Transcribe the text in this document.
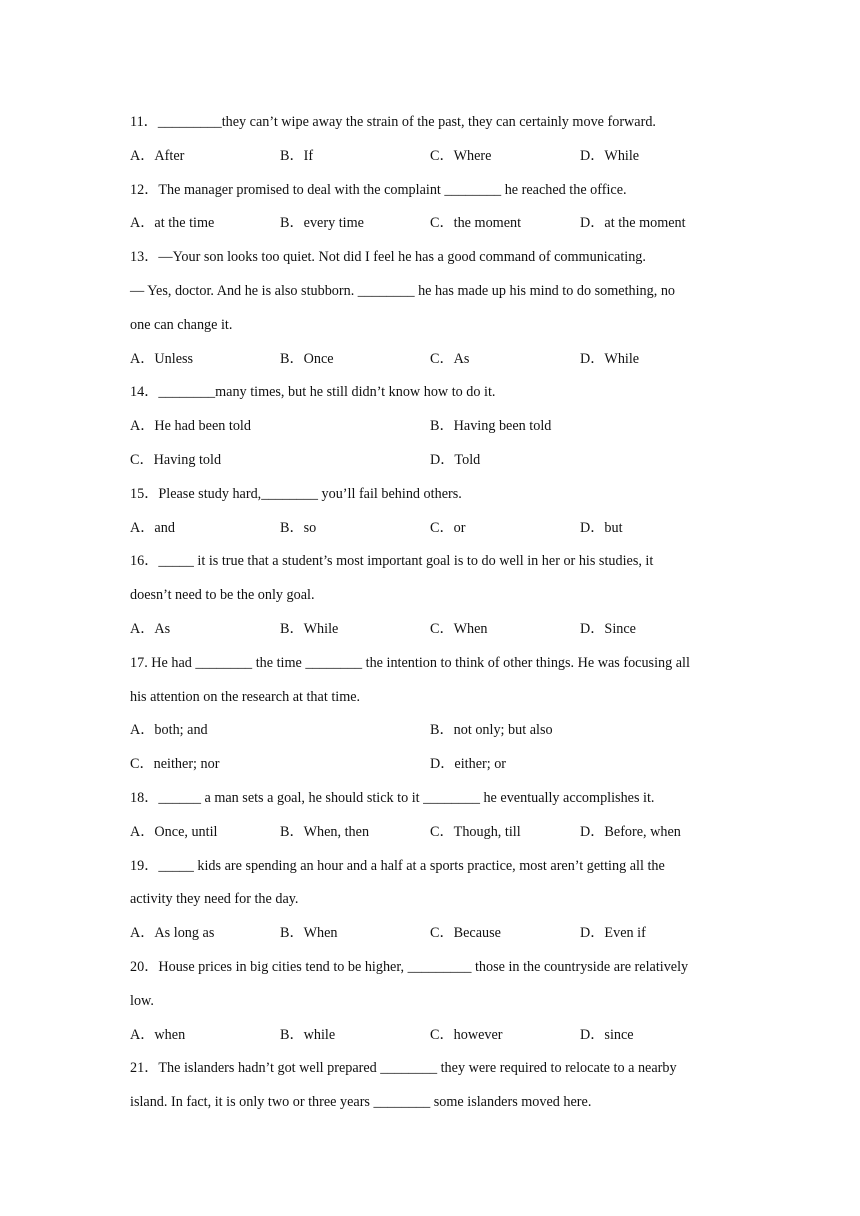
11．_________they can’t wipe away the strain of the past, they can certainly move forward.
A．After	B．If	C．Where	D．While
12．The manager promised to deal with the complaint ________ he reached the office.
A．at the time	B．every time	C．the moment	D．at the moment
13．—Your son looks too quiet. Not did I feel he has a good command of communicating.
— Yes, doctor. And he is also stubborn. ________ he has made up his mind to do something, no
one can change it.
A．Unless	B．Once	C．As	D．While
14．________many times, but he still didn’t know how to do it.
A．He had been told	B．Having been told
C．Having told	D．Told
15．Please study hard,________ you’ll fail behind others.
A．and	B．so	C．or	D．but
16．_____ it is true that a student’s most important goal is to do well in her or his studies, it
doesn’t need to be the only goal.
A．As	B．While	C．When	D．Since
17. He had ________ the time ________ the intention to think of other things. He was focusing all
his attention on the research at that time.
A．both; and	B．not only; but also
C．neither; nor	D．either; or
18．______ a man sets a goal, he should stick to it ________ he eventually accomplishes it.
A．Once, until	B．When, then	C．Though, till	D．Before, when
19．_____ kids are spending an hour and a half at a sports practice, most aren’t getting all the
activity they need for the day.
A．As long as	B．When	C．Because	D．Even if
20．House prices in big cities tend to be higher, _________ those in the countryside are relatively
low.
A．when	B．while	C．however	D．since
21．The islanders hadn’t got well prepared ________ they were required to relocate to a nearby
island. In fact, it is only two or three years ________ some islanders moved here.
